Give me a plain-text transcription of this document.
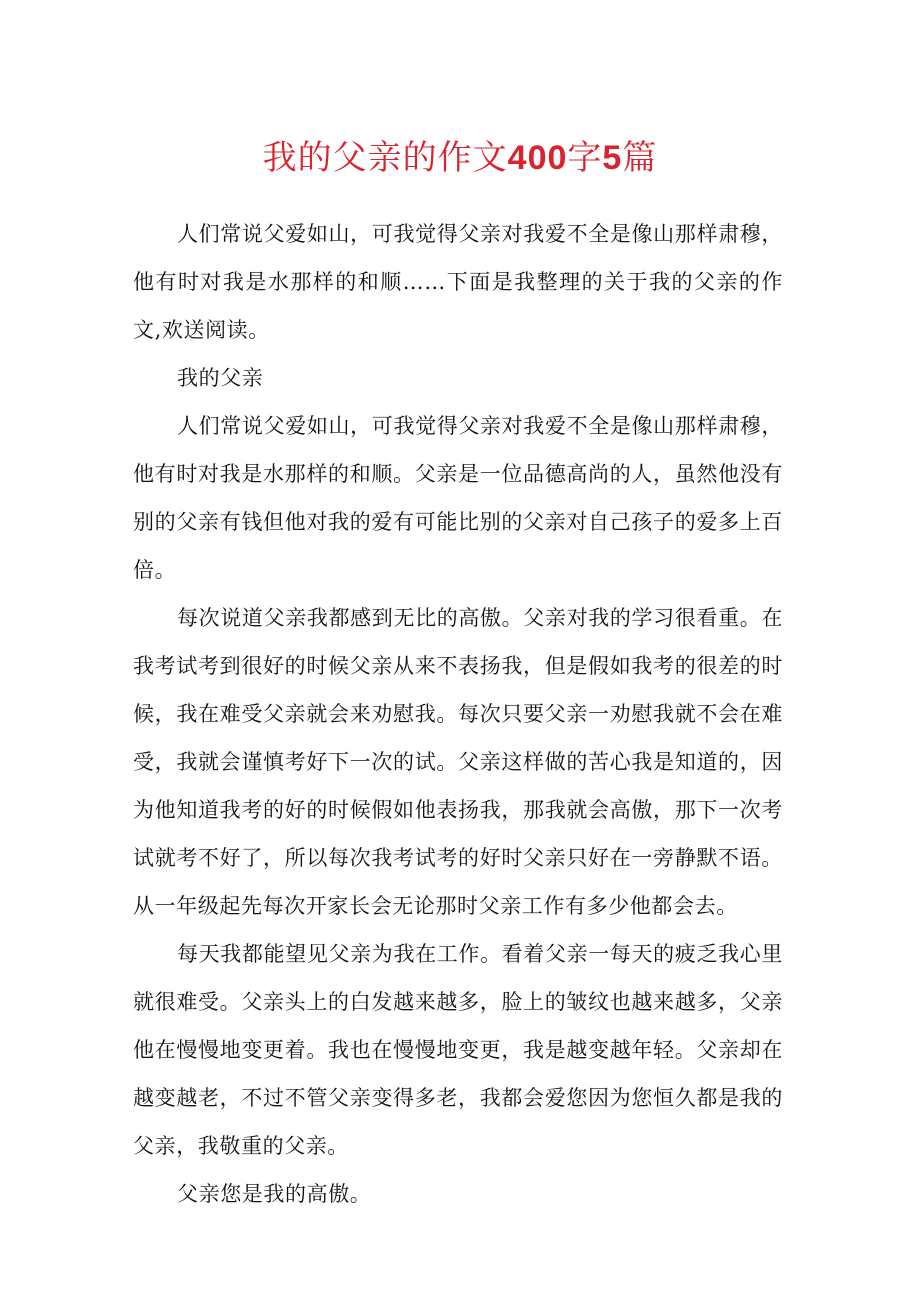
我的父亲的作文400字5篇

人们常说父爱如山，可我觉得父亲对我爱不全是像山那样肃穆，他有时对我是水那样的和顺……下面是我整理的关于我的父亲的作文,欢送阅读。

我的父亲

人们常说父爱如山，可我觉得父亲对我爱不全是像山那样肃穆，他有时对我是水那样的和顺。父亲是一位品德高尚的人，虽然他没有别的父亲有钱但他对我的爱有可能比别的父亲对自己孩子的爱多上百倍。

每次说道父亲我都感到无比的高傲。父亲对我的学习很看重。在我考试考到很好的时候父亲从来不表扬我，但是假如我考的很差的时候，我在难受父亲就会来劝慰我。每次只要父亲一劝慰我就不会在难受，我就会谨慎考好下一次的试。父亲这样做的苦心我是知道的，因为他知道我考的好的时候假如他表扬我，那我就会高傲，那下一次考试就考不好了，所以每次我考试考的好时父亲只好在一旁静默不语。从一年级起先每次开家长会无论那时父亲工作有多少他都会去。

每天我都能望见父亲为我在工作。看着父亲一每天的疲乏我心里就很难受。父亲头上的白发越来越多，脸上的皱纹也越来越多，父亲他在慢慢地变更着。我也在慢慢地变更，我是越变越年轻。父亲却在越变越老，不过不管父亲变得多老，我都会爱您因为您恒久都是我的父亲，我敬重的父亲。

父亲您是我的高傲。
